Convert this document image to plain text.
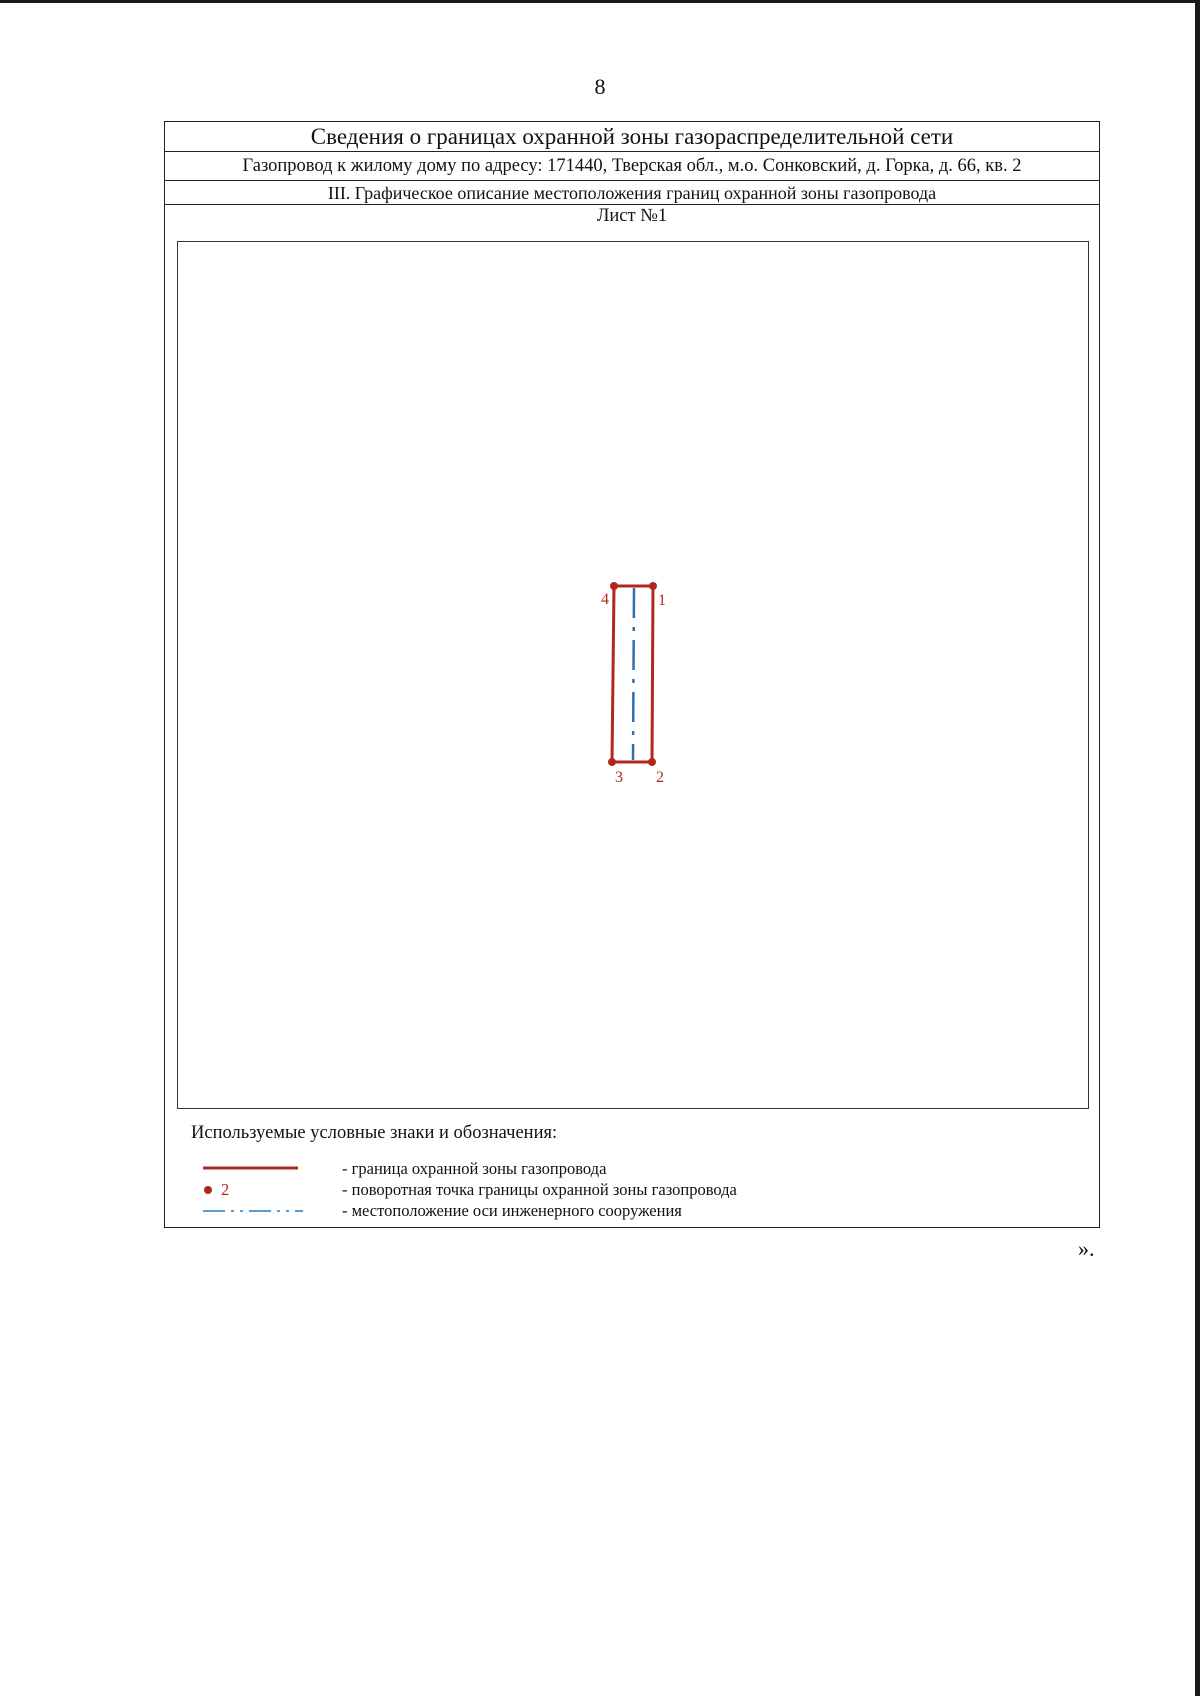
8
Сведения о границах охранной зоны газораспределительной сети
Газопровод к жилому дому по адресу: 171440, Тверская обл., м.о. Сонковский, д. Горка, д. 66, кв. 2
III. Графическое описание местоположения границ охранной зоны газопровода
Лист №1
1
2
3
4
Используемые условные знаки и обозначения:
- граница охранной зоны газопровода
2	- поворотная точка границы охранной зоны газопровода
- местоположение оси инженерного сооружения
».
